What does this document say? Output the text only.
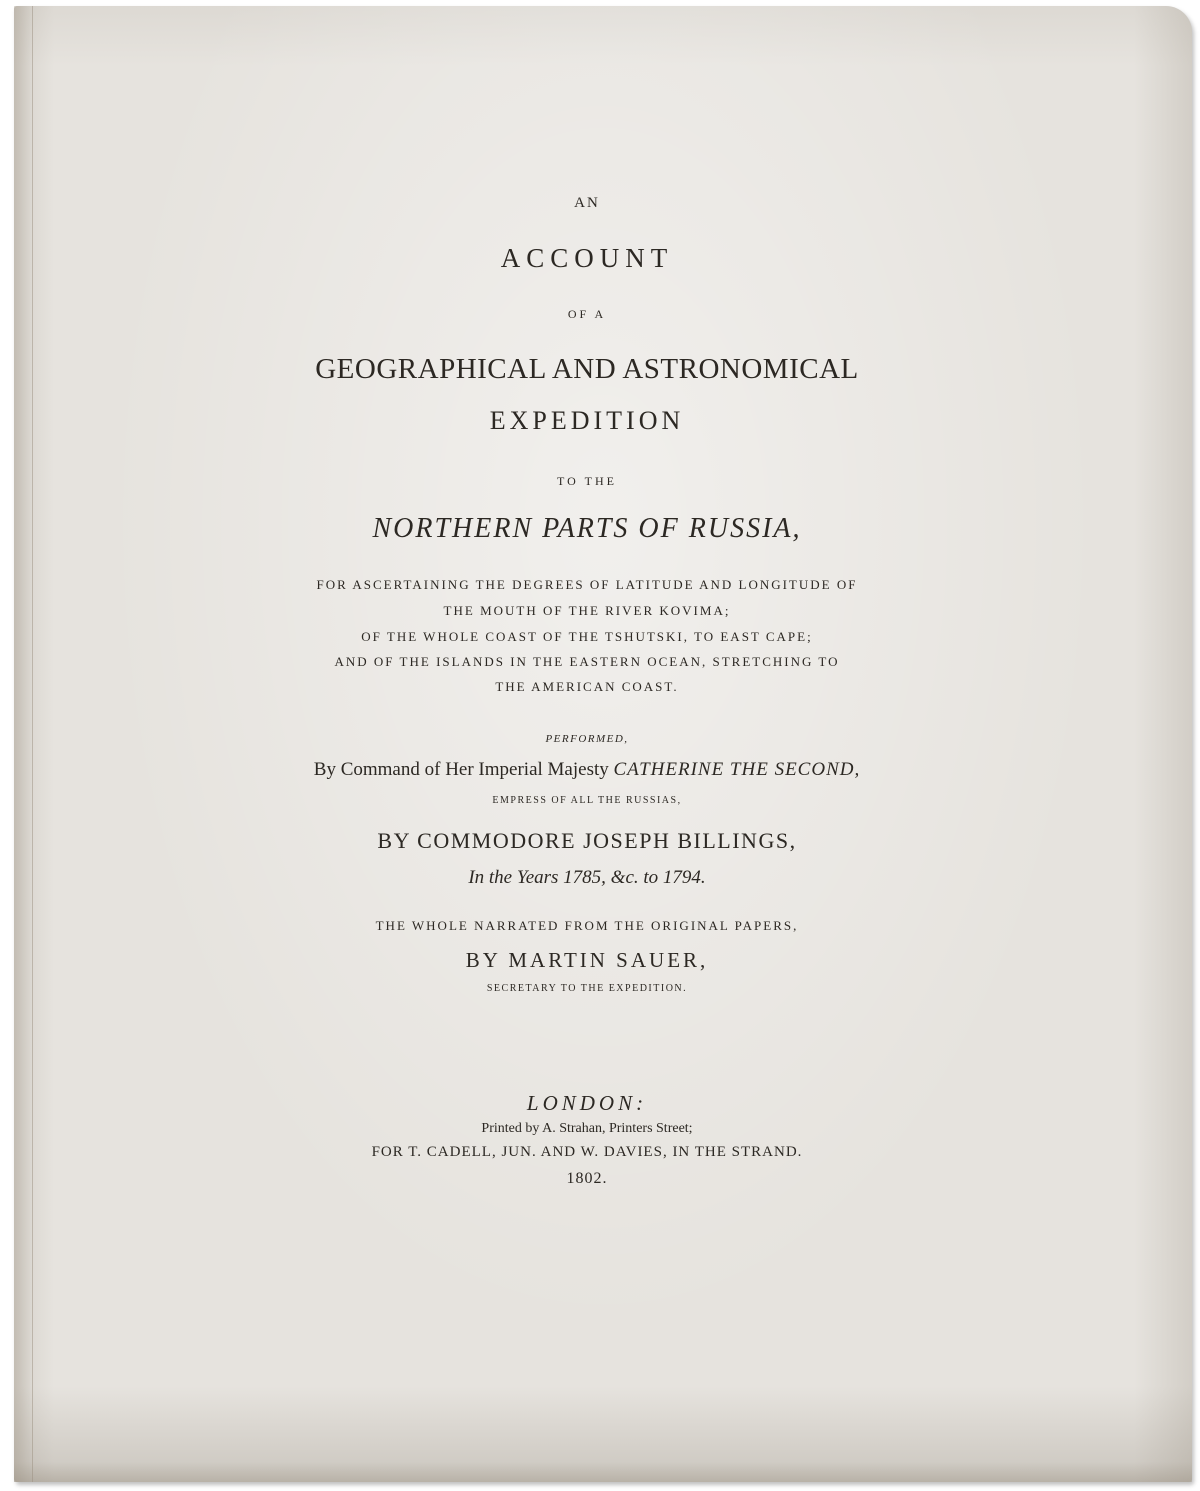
AN
ACCOUNT
OF A
GEOGRAPHICAL AND ASTRONOMICAL
EXPEDITION
TO THE
NORTHERN PARTS OF RUSSIA,
FOR ASCERTAINING THE DEGREES OF LATITUDE AND LONGITUDE OF
THE MOUTH OF THE RIVER KOVIMA;
OF THE WHOLE COAST OF THE TSHUTSKI, TO EAST CAPE;
AND OF THE ISLANDS IN THE EASTERN OCEAN, STRETCHING TO
THE AMERICAN COAST.
PERFORMED,
By Command of Her Imperial Majesty CATHERINE THE SECOND,
EMPRESS OF ALL THE RUSSIAS,
BY COMMODORE JOSEPH BILLINGS,
In the Years 1785, &c. to 1794.
THE WHOLE NARRATED FROM THE ORIGINAL PAPERS,
BY MARTIN SAUER,
SECRETARY TO THE EXPEDITION.
LONDON:
Printed by A. Strahan, Printers Street;
FOR T. CADELL, JUN. AND W. DAVIES, IN THE STRAND.
1802.
